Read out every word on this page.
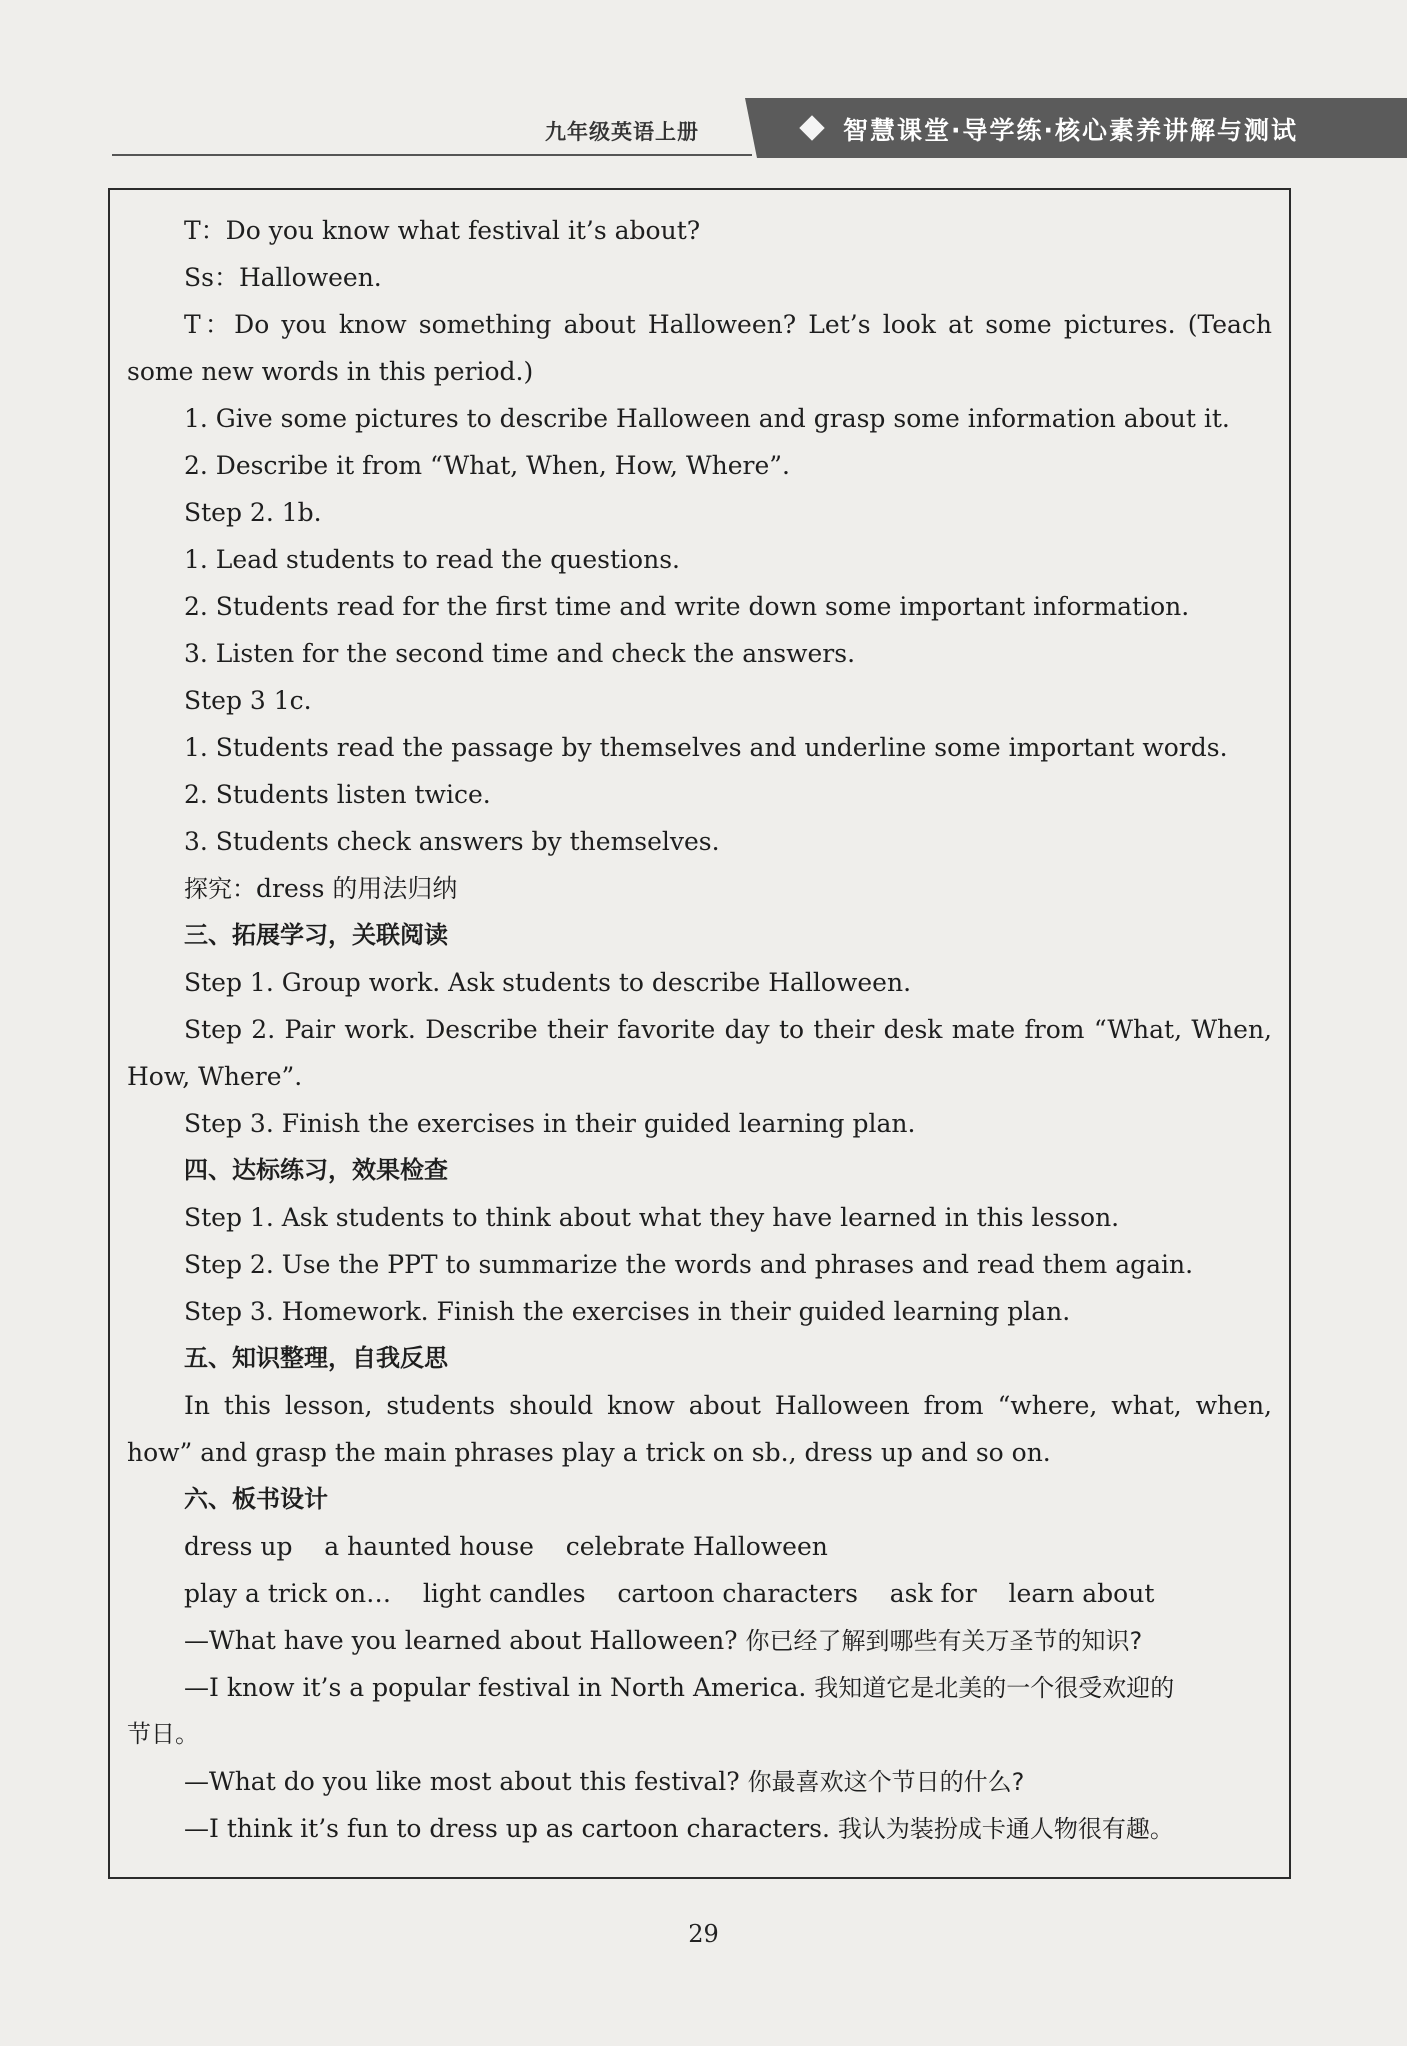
九年级英语上册	智慧课堂·导学练·核心素养讲解与测试
T：Do you know what festival it’s about?
Ss：Halloween.
T：Do you know something about Halloween? Let’s look at some pictures. (Teach
some new words in this period.)
1. Give some pictures to describe Halloween and grasp some information about it.
2. Describe it from “What, When, How, Where”.
Step 2. 1b.
1. Lead students to read the questions.
2. Students read for the first time and write down some important information.
3. Listen for the second time and check the answers.
Step 3 1c.
1. Students read the passage by themselves and underline some important words.
2. Students listen twice.
3. Students check answers by themselves.
探究：dress 的用法归纳
三、拓展学习，关联阅读
Step 1. Group work. Ask students to describe Halloween.
Step 2. Pair work. Describe their favorite day to their desk mate from “What, When,
How, Where”.
Step 3. Finish the exercises in their guided learning plan.
四、达标练习，效果检查
Step 1. Ask students to think about what they have learned in this lesson.
Step 2. Use the PPT to summarize the words and phrases and read them again.
Step 3. Homework. Finish the exercises in their guided learning plan.
五、知识整理，自我反思
In this lesson, students should know about Halloween from “where, what, when,
how” and grasp the main phrases play a trick on sb., dress up and so on.
六、板书设计
dress up    a haunted house    celebrate Halloween
play a trick on…    light candles    cartoon characters    ask for    learn about
—What have you learned about Halloween? 你已经了解到哪些有关万圣节的知识?
—I know it’s a popular festival in North America. 我知道它是北美的一个很受欢迎的
节日。
—What do you like most about this festival? 你最喜欢这个节日的什么?
—I think it’s fun to dress up as cartoon characters. 我认为装扮成卡通人物很有趣。
29
